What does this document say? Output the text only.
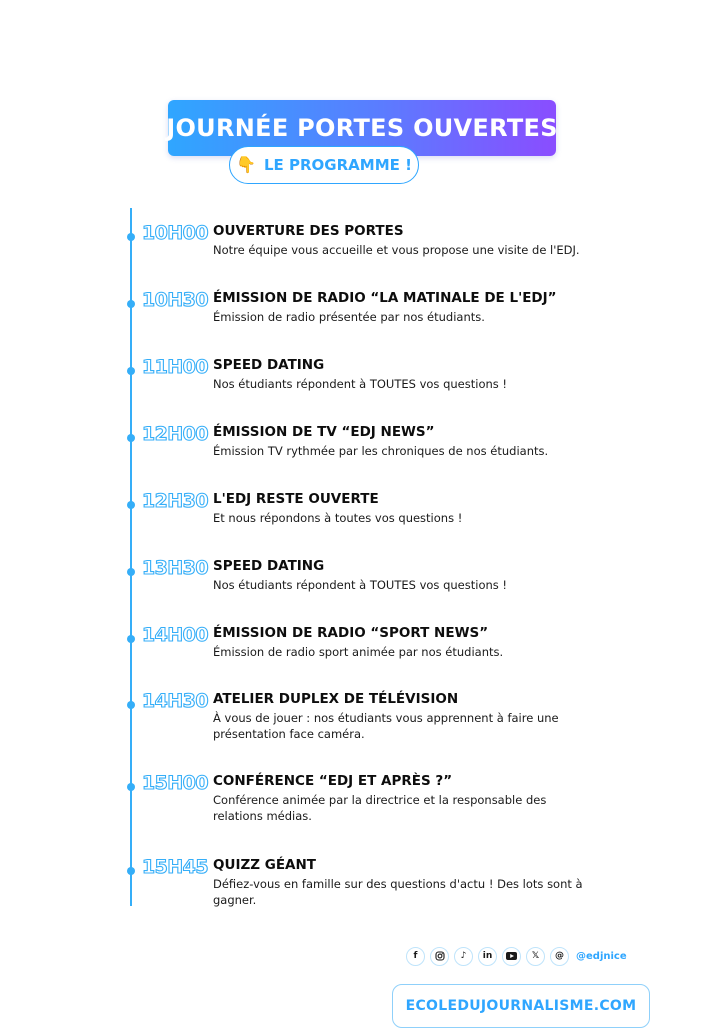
JOURNÉE PORTES OUVERTES
👇 LE PROGRAMME !
10H00 OUVERTURE DES PORTES
Notre équipe vous accueille et vous propose une visite de l'EDJ.
10H30 ÉMISSION DE RADIO “LA MATINALE DE L'EDJ”
Émission de radio présentée par nos étudiants.
11H00 SPEED DATING
Nos étudiants répondent à TOUTES vos questions !
12H00 ÉMISSION DE TV “EDJ NEWS”
Émission TV rythmée par les chroniques de nos étudiants.
12H30 L'EDJ RESTE OUVERTE
Et nous répondons à toutes vos questions !
13H30 SPEED DATING
Nos étudiants répondent à TOUTES vos questions !
14H00 ÉMISSION DE RADIO “SPORT NEWS”
Émission de radio sport animée par nos étudiants.
14H30 ATELIER DUPLEX DE TÉLÉVISION
À vous de jouer : nos étudiants vous apprennent à faire une
présentation face caméra.
15H00 CONFÉRENCE “EDJ ET APRÈS ?”
Conférence animée par la directrice et la responsable des
relations médias.
15H45 QUIZZ GÉANT
Défiez-vous en famille sur des questions d'actu ! Des lots sont à
gagner.
f	♪	in	𝕏	@	@edjnice
ECOLEDUJOURNALISME.COM
